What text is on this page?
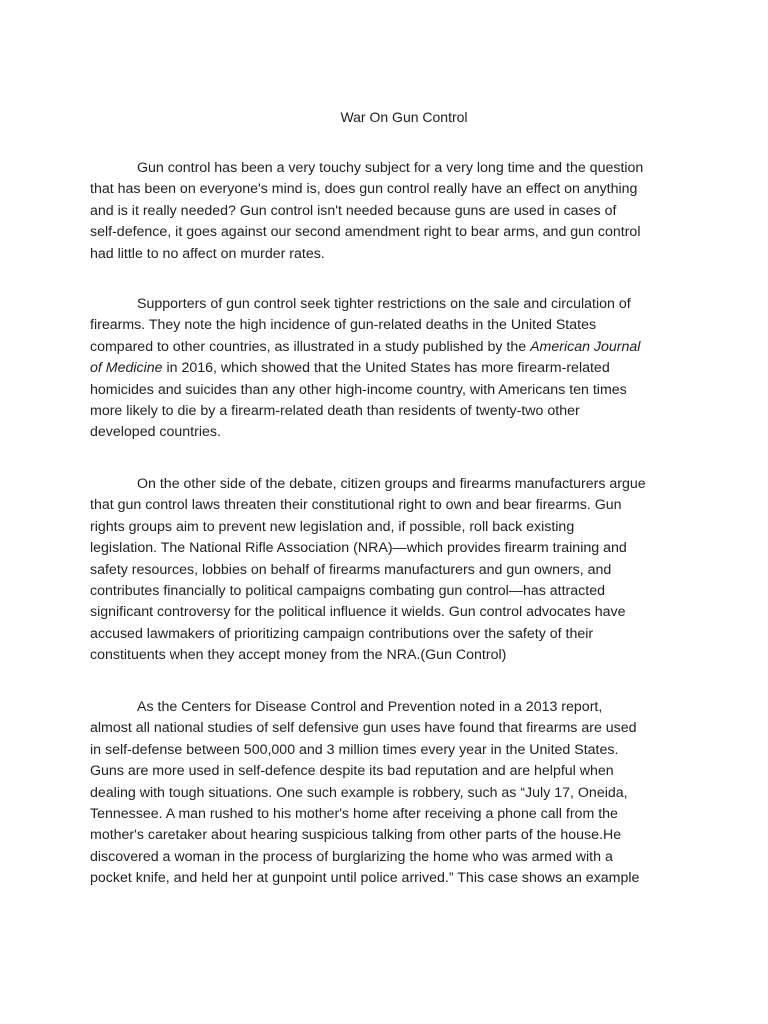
War On Gun Control
Gun control has been a very touchy subject for a very long time and the question
that has been on everyone's mind is, does gun control really have an effect on anything
and is it really needed? Gun control isn't needed because guns are used in cases of
self-defence, it goes against our second amendment right to bear arms, and gun control
had little to no affect on murder rates.
Supporters of gun control seek tighter restrictions on the sale and circulation of
firearms. They note the high incidence of gun-related deaths in the United States
compared to other countries, as illustrated in a study published by the American Journal
of Medicine in 2016, which showed that the United States has more firearm-related
homicides and suicides than any other high-income country, with Americans ten times
more likely to die by a firearm-related death than residents of twenty-two other
developed countries.
On the other side of the debate, citizen groups and firearms manufacturers argue
that gun control laws threaten their constitutional right to own and bear firearms. Gun
rights groups aim to prevent new legislation and, if possible, roll back existing
legislation. The National Rifle Association (NRA)—which provides firearm training and
safety resources, lobbies on behalf of firearms manufacturers and gun owners, and
contributes financially to political campaigns combating gun control—has attracted
significant controversy for the political influence it wields. Gun control advocates have
accused lawmakers of prioritizing campaign contributions over the safety of their
constituents when they accept money from the NRA.(Gun Control)
As the Centers for Disease Control and Prevention noted in a 2013 report,
almost all national studies of self defensive gun uses have found that firearms are used
in self-defense between 500,000 and 3 million times every year in the United States.
Guns are more used in self-defence despite its bad reputation and are helpful when
dealing with tough situations. One such example is robbery, such as “July 17, Oneida,
Tennessee. A man rushed to his mother's home after receiving a phone call from the
mother's caretaker about hearing suspicious talking from other parts of the house.He
discovered a woman in the process of burglarizing the home who was armed with a
pocket knife, and held her at gunpoint until police arrived.” This case shows an example
